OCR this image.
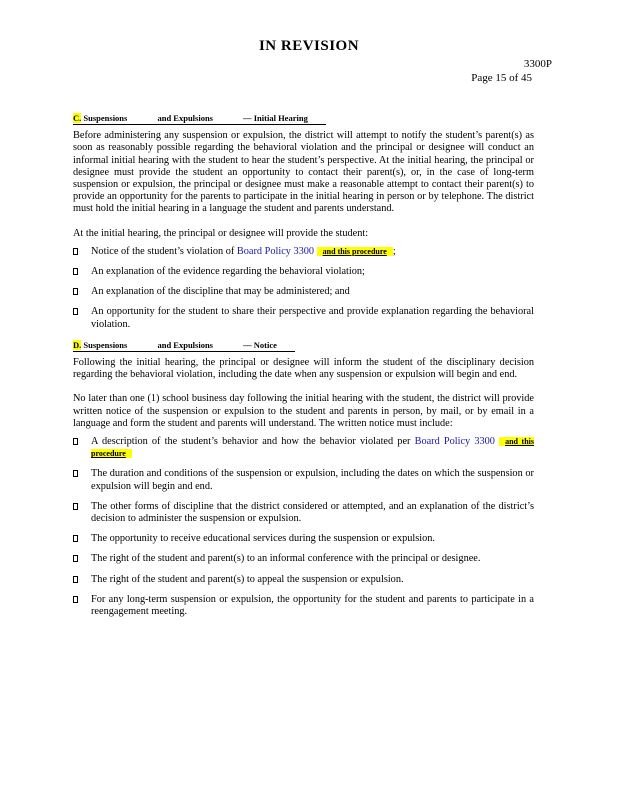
IN REVISION
3300P
Page 15 of 45
C. Suspensions	and Expulsions	— Initial Hearing

Before administering any suspension or expulsion, the district will attempt to notify the student’s parent(s) as soon as reasonably possible regarding the behavioral violation and the principal or designee will conduct an informal initial hearing with the student to hear the student’s perspective. At the initial hearing, the principal or designee must provide the student an opportunity to contact their parent(s), or, in the case of long-term suspension or expulsion, the principal or designee must make a reasonable attempt to contact their parent(s) to provide an opportunity for the parents to participate in the initial hearing in person or by telephone. The district must hold the initial hearing in a language the student and parents understand.

At the initial hearing, the principal or designee will provide the student:

Notice of the student’s violation of Board Policy 3300 and this procedure ;
An explanation of the evidence regarding the behavioral violation;
An explanation of the discipline that may be administered; and
An opportunity for the student to share their perspective and provide explanation regarding the behavioral violation.
D. Suspensions	and Expulsions	— Notice

Following the initial hearing, the principal or designee will inform the student of the disciplinary decision regarding the behavioral violation, including the date when any suspension or expulsion will begin and end.

No later than one (1) school business day following the initial hearing with the student, the district will provide written notice of the suspension or expulsion to the student and parents in person, by mail, or by email in a language and form the student and parents will understand. The written notice must include:

A description of the student’s behavior and how the behavior violated per Board Policy 3300 and this procedure
The duration and conditions of the suspension or expulsion, including the dates on which the suspension or expulsion will begin and end.
The other forms of discipline that the district considered or attempted, and an explanation of the district’s decision to administer the suspension or expulsion.
The opportunity to receive educational services during the suspension or expulsion.
The right of the student and parent(s) to an informal conference with the principal or designee.
The right of the student and parent(s) to appeal the suspension or expulsion.
For any long-term suspension or expulsion, the opportunity for the student and parents to participate in a reengagement meeting.
